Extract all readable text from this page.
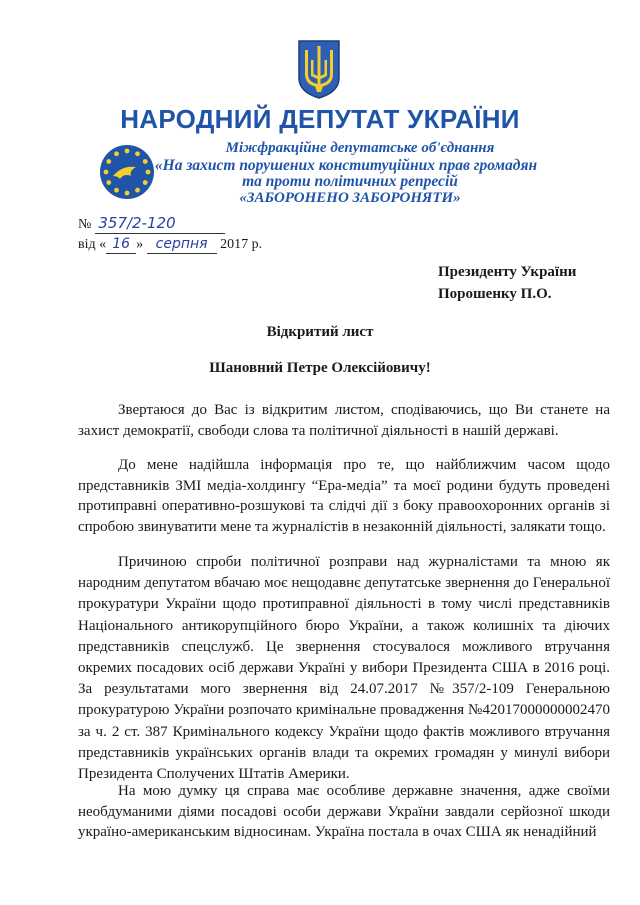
НАРОДНИЙ ДЕПУТАТ УКРАЇНИ
Міжфракційне депутатське об'єднання
«На захист порушених конституційних прав громадян
та проти політичних репресій
«ЗАБОРОНЕНО ЗАБОРОНЯТИ»
№ 357/2-120
від « 16 » серпня 2017 р.
Президенту України
Порошенку П.О.
Відкритий лист
Шановний Петре Олексійовичу!
Звертаюся до Вас із відкритим листом, сподіваючись, що Ви станете на захист демократії, свободи слова та політичної діяльності в нашій державі.
До мене надійшла інформація про те, що найближчим часом щодо представників ЗМІ медіа-холдингу “Ера-медіа” та моєї родини будуть проведені протиправні оперативно-розшукові та слідчі дії з боку правоохоронних органів зі спробою звинуватити мене та журналістів в незаконній діяльності, залякати тощо.
Причиною спроби політичної розправи над журналістами та мною як народним депутатом вбачаю моє нещодавнє депутатське звернення до Генеральної прокуратури України щодо протиправної діяльності в тому числі представників Національного антикорупційного бюро України, а також колишніх та діючих представників спецслужб. Це звернення стосувалося можливого втручання окремих посадових осіб держави Україні у вибори Президента США в 2016 році. За результатами мого звернення від 24.07.2017 №357/2-109 Генеральною прокуратурою України розпочато кримінальне провадження №42017000000002470 за ч. 2 ст. 387 Кримінального кодексу України щодо фактів можливого втручання представників українських органів влади та окремих громадян у минулі вибори Президента Сполучених Штатів Америки.
На мою думку ця справа має особливе державне значення, адже своїми необдуманими діями посадові особи держави України завдали серйозної шкоди україно-американським відносинам. Україна постала в очах США як ненадійний
